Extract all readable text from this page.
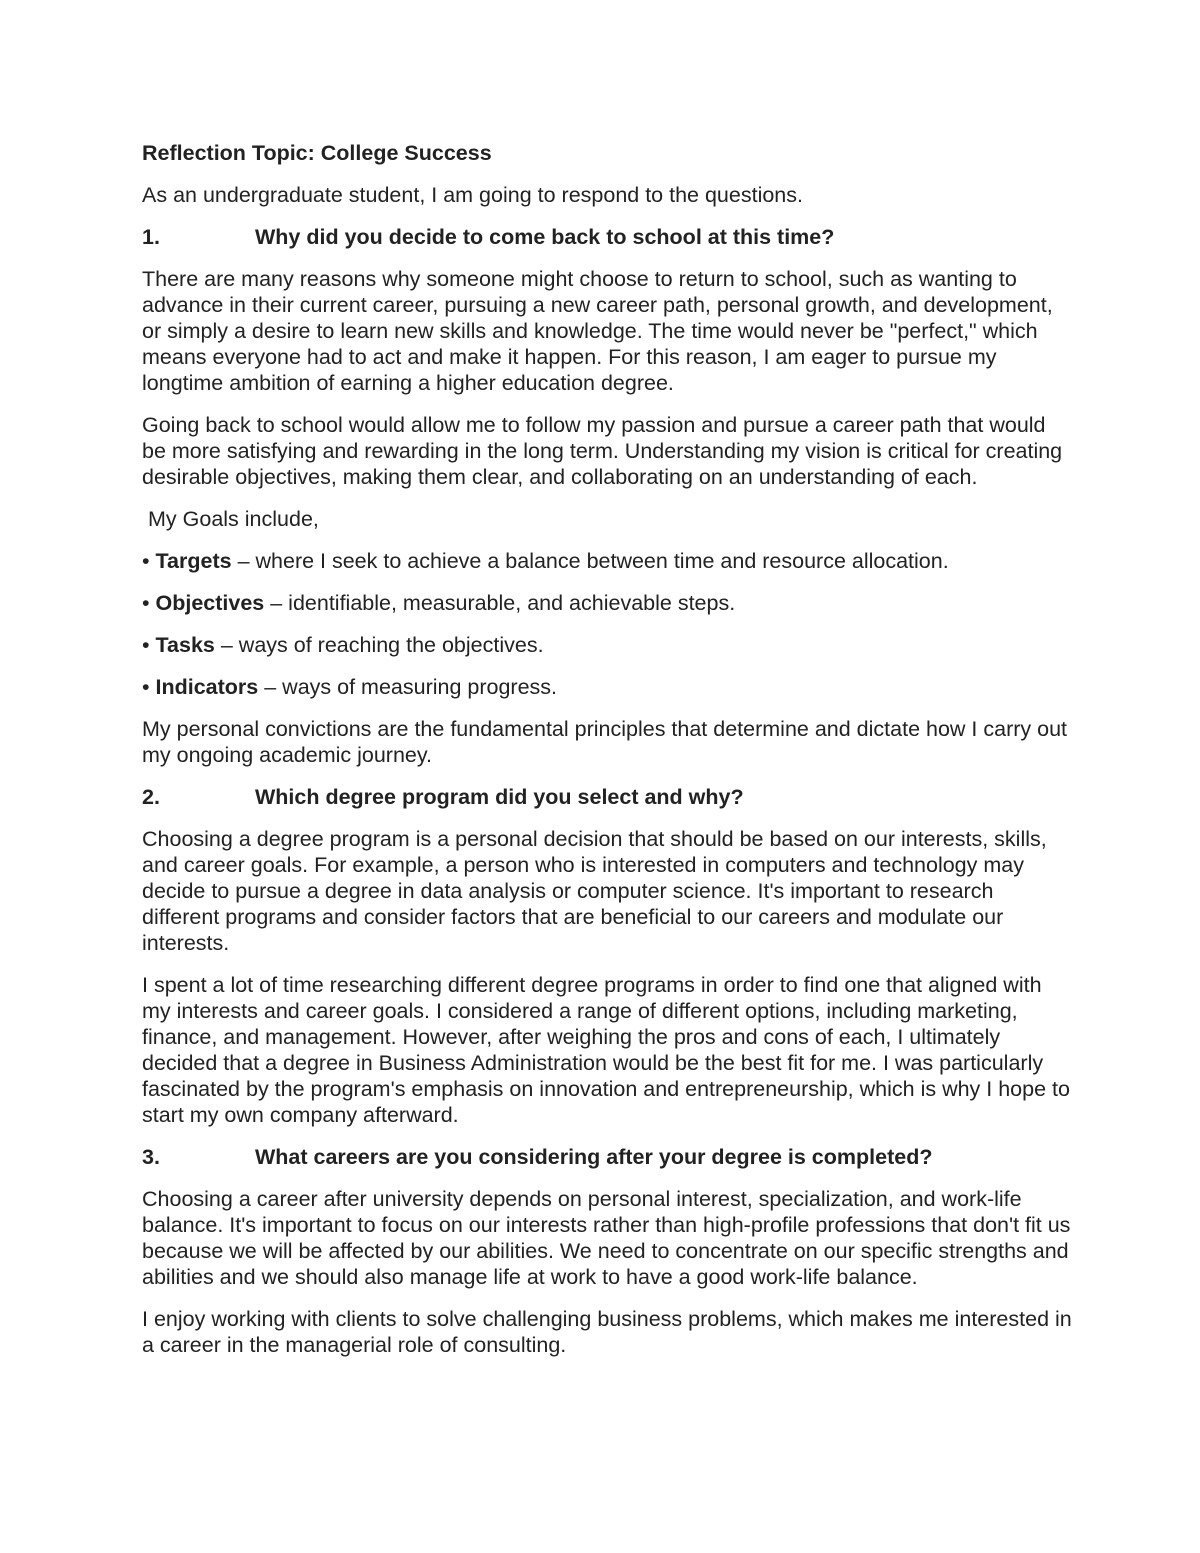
Reflection Topic: College Success

As an undergraduate student, I am going to respond to the questions.

1.	Why did you decide to come back to school at this time?

There are many reasons why someone might choose to return to school, such as wanting to advance in their current career, pursuing a new career path, personal growth, and development, or simply a desire to learn new skills and knowledge. The time would never be "perfect," which means everyone had to act and make it happen. For this reason, I am eager to pursue my longtime ambition of earning a higher education degree.

Going back to school would allow me to follow my passion and pursue a career path that would be more satisfying and rewarding in the long term. Understanding my vision is critical for creating desirable objectives, making them clear, and collaborating on an understanding of each.

My Goals include,

• Targets – where I seek to achieve a balance between time and resource allocation.
• Objectives – identifiable, measurable, and achievable steps.
• Tasks – ways of reaching the objectives.
• Indicators – ways of measuring progress.

My personal convictions are the fundamental principles that determine and dictate how I carry out my ongoing academic journey.

2.	Which degree program did you select and why?

Choosing a degree program is a personal decision that should be based on our interests, skills, and career goals. For example, a person who is interested in computers and technology may decide to pursue a degree in data analysis or computer science. It's important to research different programs and consider factors that are beneficial to our careers and modulate our interests.

I spent a lot of time researching different degree programs in order to find one that aligned with my interests and career goals. I considered a range of different options, including marketing, finance, and management. However, after weighing the pros and cons of each, I ultimately decided that a degree in Business Administration would be the best fit for me. I was particularly fascinated by the program's emphasis on innovation and entrepreneurship, which is why I hope to start my own company afterward.

3.	What careers are you considering after your degree is completed?

Choosing a career after university depends on personal interest, specialization, and work-life balance. It's important to focus on our interests rather than high-profile professions that don't fit us because we will be affected by our abilities. We need to concentrate on our specific strengths and abilities and we should also manage life at work to have a good work-life balance.

I enjoy working with clients to solve challenging business problems, which makes me interested in a career in the managerial role of consulting.
